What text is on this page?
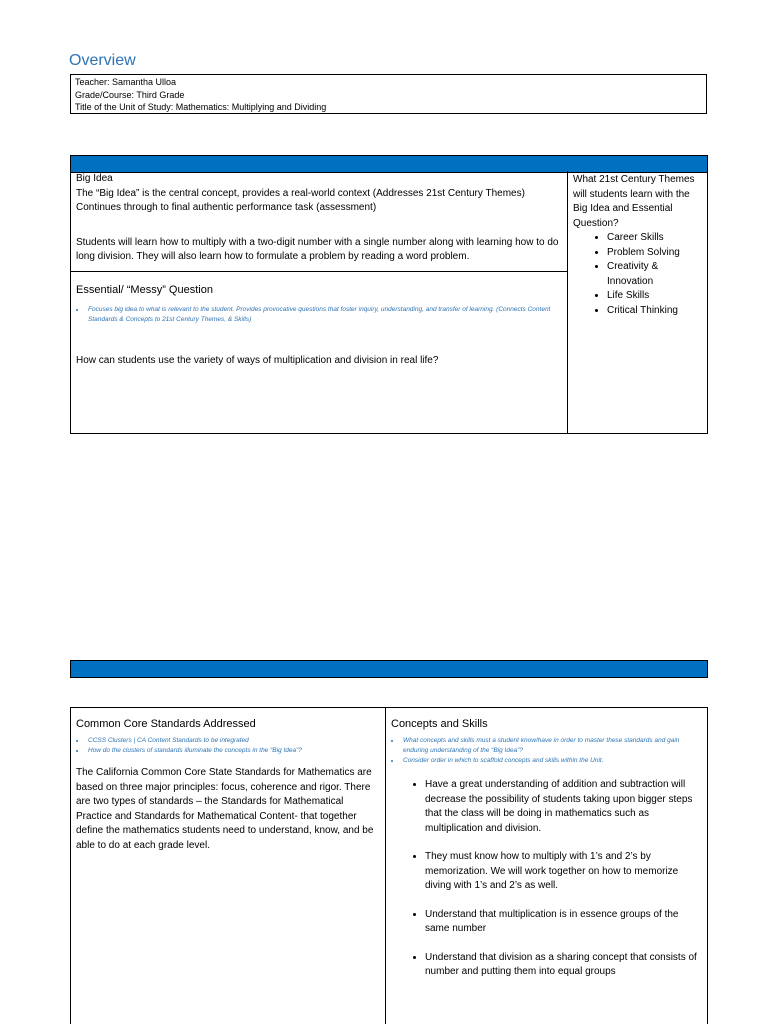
Overview
Teacher: Samantha Ulloa
Grade/Course: Third Grade
Title of the Unit of Study: Mathematics: Multiplying and Dividing

Big Idea

The “Big Idea” is the central concept, provides a real-world context (Addresses 21st Century Themes)

Continues through to final authentic performance task (assessment)

Students will learn how to multiply with a two-digit number with a single number along with learning how to do long division. They will also learn how to formulate a problem by reading a word problem.

Essential/ “Messy” Question
• Focuses big idea to what is relevant to the student. Provides provocative questions that foster inquiry, understanding, and transfer of learning. (Connects Content Standards & Concepts to 21st Century Themes, & Skills)

How can students use the variety of ways of multiplication and division in real life?

What 21st Century Themes will students learn with the Big Idea and Essential Question?
• Career Skills
• Problem Solving
• Creativity & Innovation
• Life Skills
• Critical Thinking
Common Core Standards Addressed
• CCSS Clusters | CA Content Standards to be integrated
• How do the clusters of standards illuminate the concepts in the “Big Idea”?

The California Common Core State Standards for Mathematics are based on three major principles: focus, coherence and rigor. There are two types of standards – the Standards for Mathematical Practice and Standards for Mathematical Content- that together define the mathematics students need to understand, know, and be able to do at each grade level.

Concepts and Skills
• What concepts and skills must a student know/have in order to master these standards and gain enduring understanding of the “Big Idea”?
• Consider order in which to scaffold concepts and skills within the Unit.
• Have a great understanding of addition and subtraction will decrease the possibility of students taking upon bigger steps that the class will be doing in mathematics such as multiplication and division.
• They must know how to multiply with 1’s and 2’s by memorization. We will work together on how to memorize diving with 1’s and 2’s as well.
• Understand that multiplication is in essence groups of the same number
• Understand that division as a sharing concept that consists of number and putting them into equal groups
